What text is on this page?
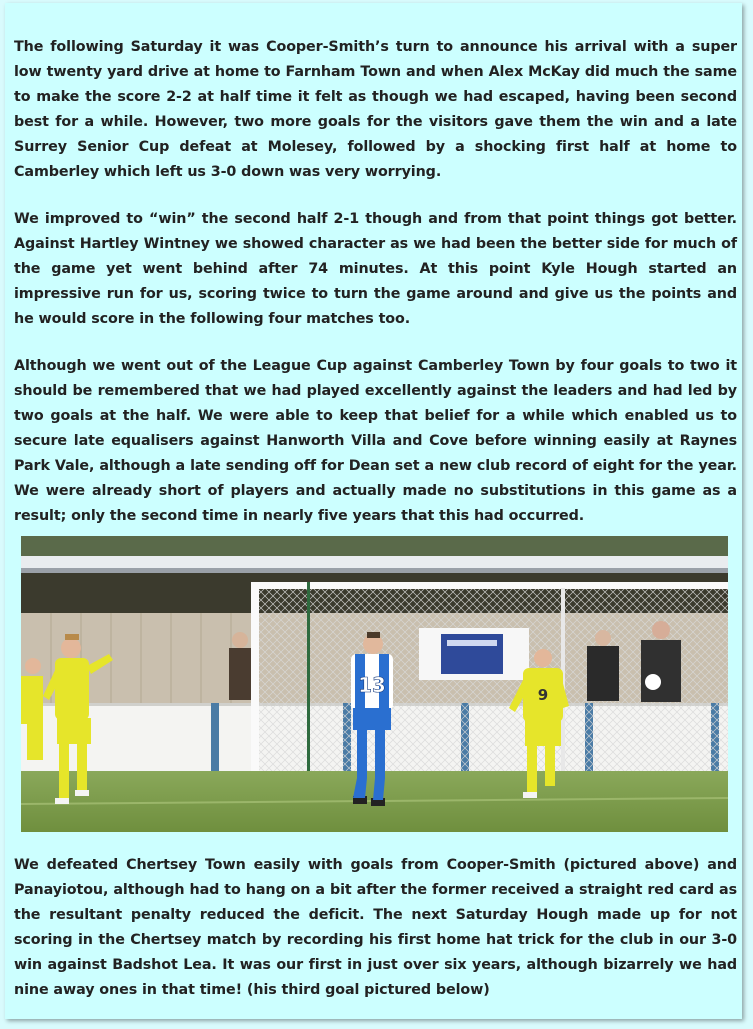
The following Saturday it was Cooper-Smith’s turn to announce his arrival with a super low twenty yard drive at home to Farnham Town and when Alex McKay did much the same to make the score 2-2 at half time it felt as though we had escaped, having been second best for a while. However, two more goals for the visitors gave them the win and a late Surrey Senior Cup defeat at Molesey, followed by a shocking first half at home to Camberley which left us 3-0 down was very worrying.

We improved to “win” the second half 2-1 though and from that point things got better. Against Hartley Wintney we showed character as we had been the better side for much of the game yet went behind after 74 minutes. At this point Kyle Hough started an impressive run for us, scoring twice to turn the game around and give us the points and he would score in the following four matches too.

Although we went out of the League Cup against Camberley Town by four goals to two it should be remembered that we had played excellently against the leaders and had led by two goals at the half. We were able to keep that belief for a while which enabled us to secure late equalisers against Hanworth Villa and Cove before winning easily at Raynes Park Vale, although a late sending off for Dean set a new club record of eight for the year. We were already short of players and actually made no substitutions in this game as a result; only the second time in nearly five years that this had occurred.

13	9

We defeated Chertsey Town easily with goals from Cooper-Smith (pictured above) and Panayiotou, although had to hang on a bit after the former received a straight red card as the resultant penalty reduced the deficit. The next Saturday Hough made up for not scoring in the Chertsey match by recording his first home hat trick for the club in our 3-0 win against Badshot Lea. It was our first in just over six years, although bizarrely we had nine away ones in that time! (his third goal pictured below)
